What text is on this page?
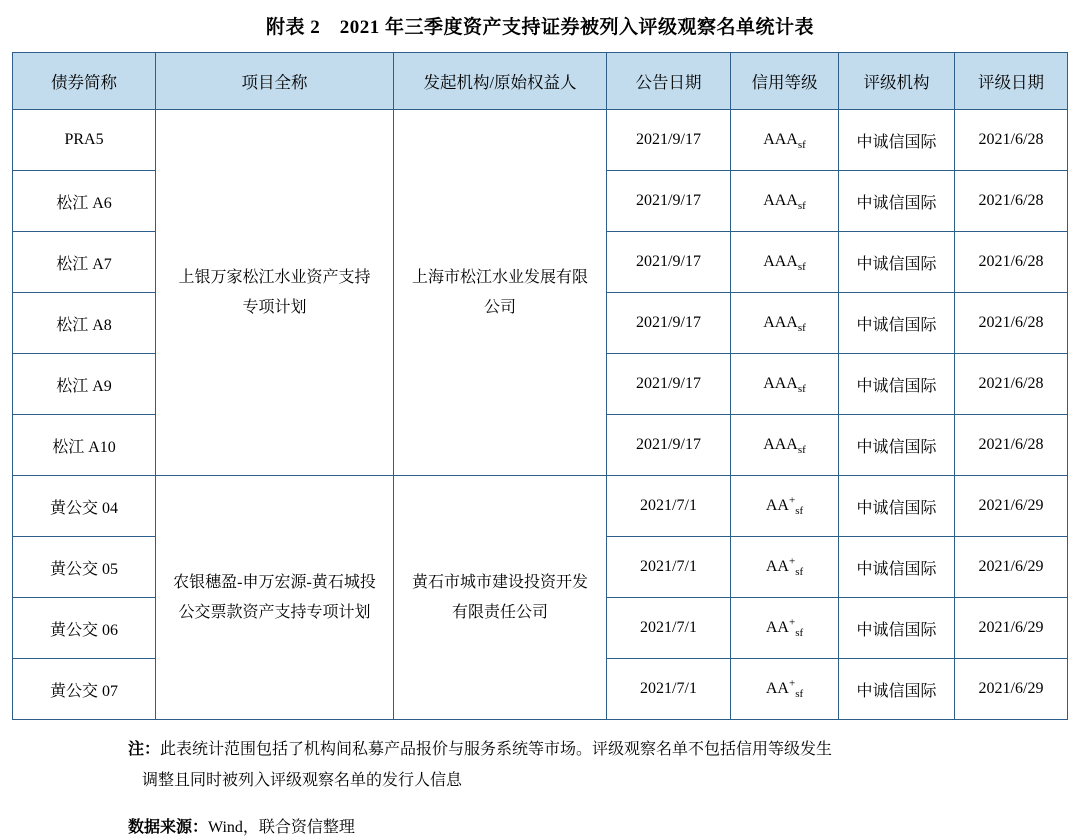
附表 2　2021 年三季度资产支持证券被列入评级观察名单统计表
债券简称	项目全称	发起机构/原始权益人	公告日期	信用等级	评级机构	评级日期
PRA5	上银万家松江水业资产支持专项计划	上海市松江水业发展有限公司	2021/9/17	$AAA_{sf}$	中诚信国际	2021/6/28
松江 A6			2021/9/17	$AAA_{sf}$	中诚信国际	2021/6/28
松江 A7			2021/9/17	$AAA_{sf}$	中诚信国际	2021/6/28
松江 A8			2021/9/17	$AAA_{sf}$	中诚信国际	2021/6/28
松江 A9			2021/9/17	$AAA_{sf}$	中诚信国际	2021/6/28
松江 A10			2021/9/17	$AAA_{sf}$	中诚信国际	2021/6/28
黄公交 04	农银穗盈-申万宏源-黄石城投公交票款资产支持专项计划	黄石市城市建设投资开发有限责任公司	2021/7/1	$AA^+_{sf}$	中诚信国际	2021/6/29
黄公交 05			2021/7/1	$AA^+_{sf}$	中诚信国际	2021/6/29
黄公交 06			2021/7/1	$AA^+_{sf}$	中诚信国际	2021/6/29
黄公交 07			2021/7/1	$AA^+_{sf}$	中诚信国际	2021/6/29
注：此表统计范围包括了机构间私募产品报价与服务系统等市场。评级观察名单不包括信用等级发生
调整且同时被列入评级观察名单的发行人信息
数据来源：Wind，联合资信整理
